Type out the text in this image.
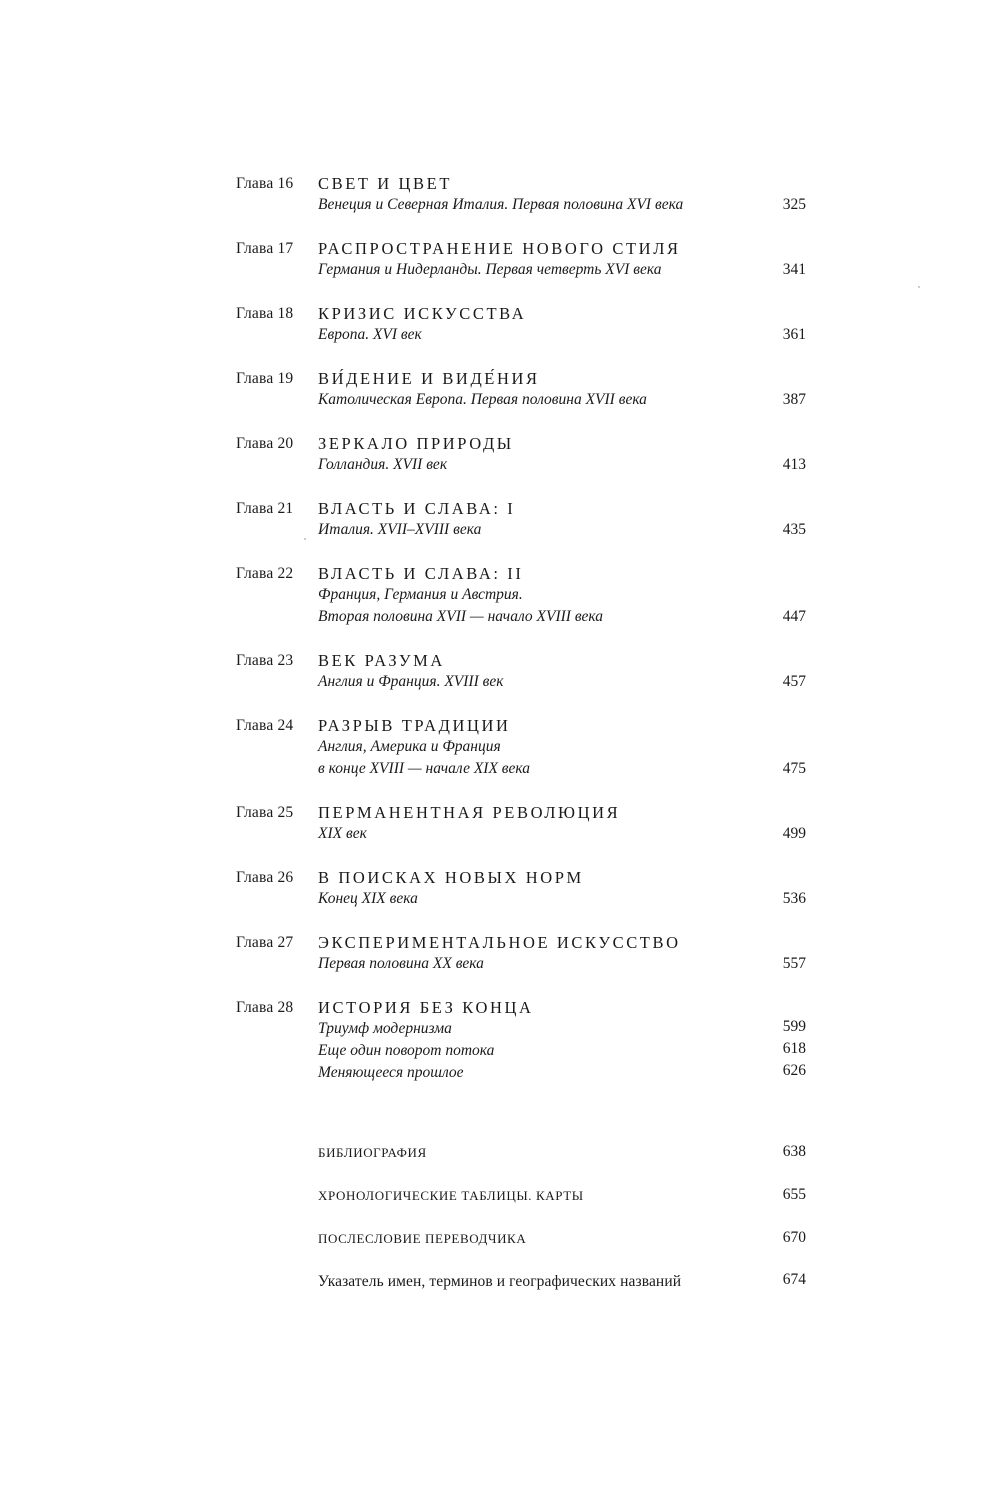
Глава 16 СВЕТ И ЦВЕТ
Венеция и Северная Италия. Первая половина XVI века	325
Глава 17 РАСПРОСТРАНЕНИЕ НОВОГО СТИЛЯ
Германия и Нидерланды. Первая четверть XVI века	341
Глава 18 КРИЗИС ИСКУССТВА
Европа. XVI век	361
Глава 19 ВИ́ДЕНИЕ И ВИДЕ́НИЯ
Католическая Европа. Первая половина XVII века	387
Глава 20 ЗЕРКАЛО ПРИРОДЫ
Голландия. XVII век	413
Глава 21 ВЛАСТЬ И СЛАВА: I
Италия. XVII–XVIII века	435
Глава 22 ВЛАСТЬ И СЛАВА: II
Франция, Германия и Австрия.
Вторая половина XVII — начало XVIII века	447
Глава 23 ВЕК РАЗУМА
Англия и Франция. XVIII век	457
Глава 24 РАЗРЫВ ТРАДИЦИИ
Англия, Америка и Франция
в конце XVIII — начале XIX века	475
Глава 25 ПЕРМАНЕНТНАЯ РЕВОЛЮЦИЯ
XIX век	499
Глава 26 В ПОИСКАХ НОВЫХ НОРМ
Конец XIX века	536
Глава 27 ЭКСПЕРИМЕНТАЛЬНОЕ ИСКУССТВО
Первая половина XX века	557
Глава 28 ИСТОРИЯ БЕЗ КОНЦА
Триумф модернизма	599
Еще один поворот потока	618
Меняющееся прошлое	626
БИБЛИОГРАФИЯ	638
ХРОНОЛОГИЧЕСКИЕ ТАБЛИЦЫ. КАРТЫ	655
ПОСЛЕСЛОВИЕ ПЕРЕВОДЧИКА	670
Указатель имен, терминов и географических названий	674
